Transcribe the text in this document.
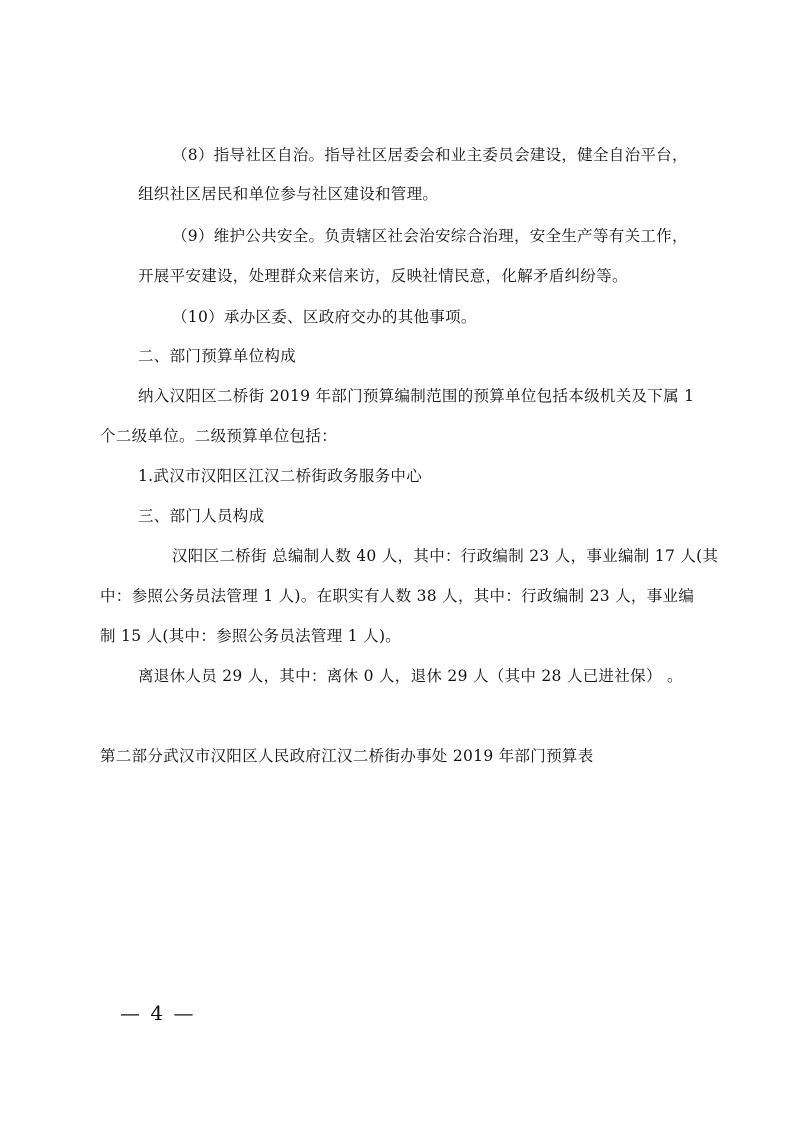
（8）指导社区自治。指导社区居委会和业主委员会建设，健全自治平台，
组织社区居民和单位参与社区建设和管理。
（9）维护公共安全。负责辖区社会治安综合治理，安全生产等有关工作，
开展平安建设，处理群众来信来访，反映社情民意，化解矛盾纠纷等。
（10）承办区委、区政府交办的其他事项。
二、部门预算单位构成
纳入汉阳区二桥街 2019 年部门预算编制范围的预算单位包括本级机关及下属 1
个二级单位。二级预算单位包括：
1.武汉市汉阳区江汉二桥街政务服务中心
三、部门人员构成
汉阳区二桥街 总编制人数 40 人，其中：行政编制 23 人，事业编制 17 人(其
中：参照公务员法管理 1 人)。在职实有人数 38 人，其中：行政编制 23 人，事业编
制 15 人(其中：参照公务员法管理 1 人)。
离退休人员 29 人，其中：离休 0 人，退休 29 人（其中 28 人已进社保） 。
第二部分武汉市汉阳区人民政府江汉二桥街办事处 2019 年部门预算表
— 4 —
